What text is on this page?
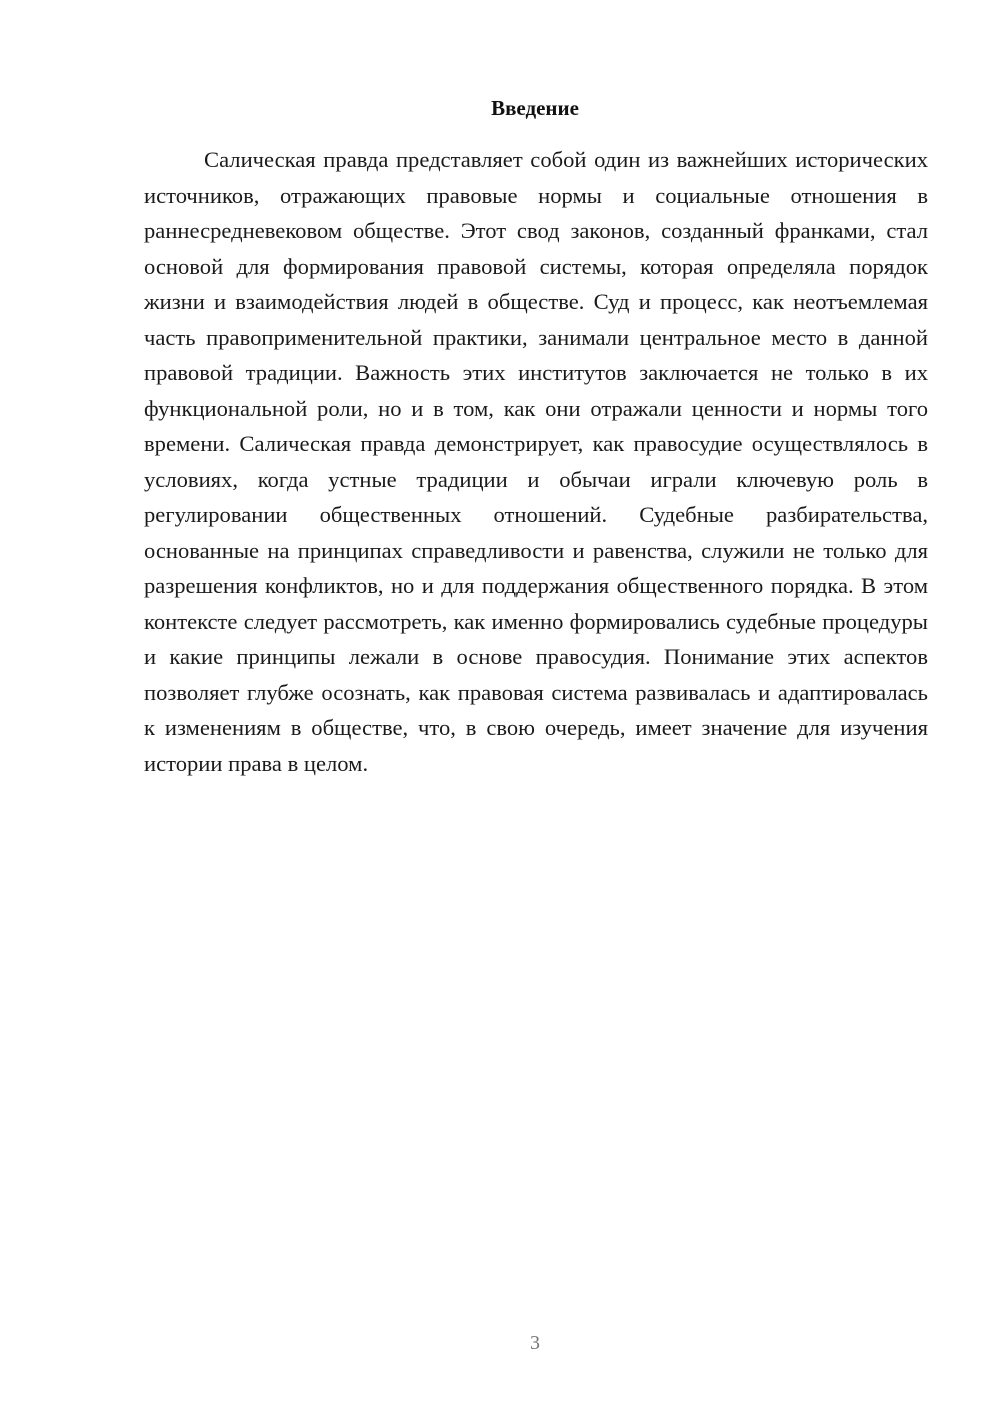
Введение

Салическая правда представляет собой один из важнейших исторических источников, отражающих правовые нормы и социальные отношения в раннесредневековом обществе. Этот свод законов, созданный франками, стал основой для формирования правовой системы, которая определяла порядок жизни и взаимодействия людей в обществе. Суд и процесс, как неотъемлемая часть правоприменительной практики, занимали центральное место в данной правовой традиции. Важность этих институтов заключается не только в их функциональной роли, но и в том, как они отражали ценности и нормы того времени. Салическая правда демонстрирует, как правосудие осуществлялось в условиях, когда устные традиции и обычаи играли ключевую роль в регулировании общественных отношений. Судебные разбирательства, основанные на принципах справедливости и равенства, служили не только для разрешения конфликтов, но и для поддержания общественного порядка. В этом контексте следует рассмотреть, как именно формировались судебные процедуры и какие принципы лежали в основе правосудия. Понимание этих аспектов позволяет глубже осознать, как правовая система развивалась и адаптировалась к изменениям в обществе, что, в свою очередь, имеет значение для изучения истории права в целом.

3
